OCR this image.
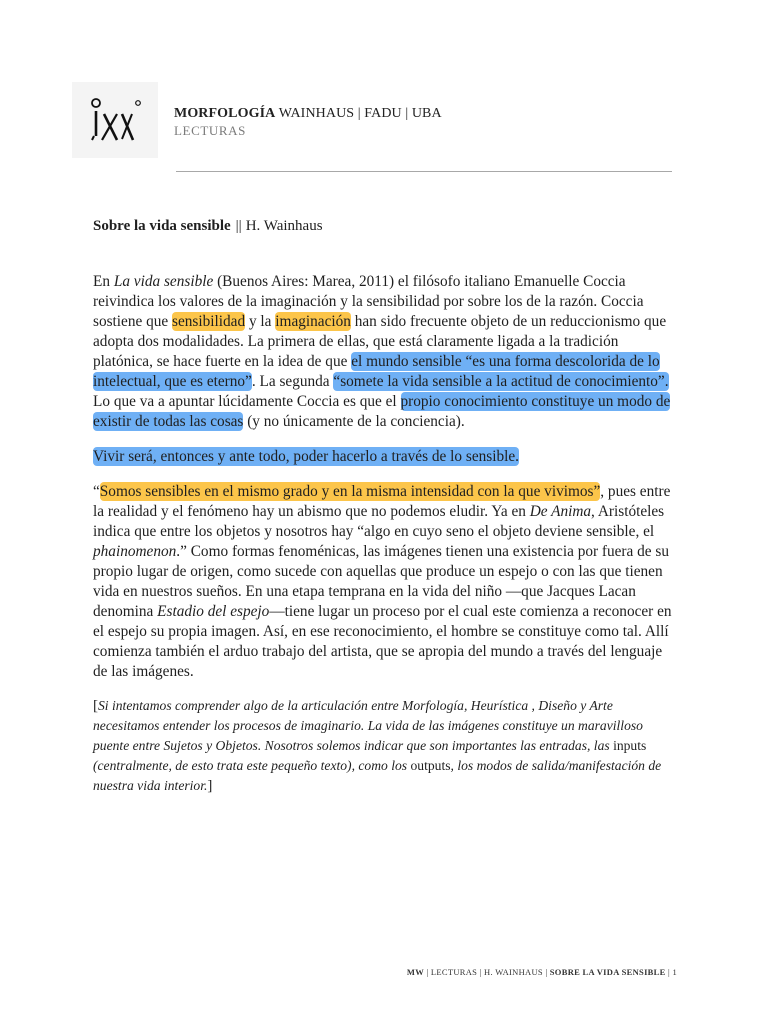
MORFOLOGÍA WAINHAUS | FADU | UBA
LECTURAS
Sobre la vida sensible || H. Wainhaus

En La vida sensible (Buenos Aires: Marea, 2011) el filósofo italiano Emanuelle Coccia reivindica los valores de la imaginación y la sensibilidad por sobre los de la razón. Coccia sostiene que sensibilidad y la imaginación han sido frecuente objeto de un reduccionismo que adopta dos modalidades. La primera de ellas, que está claramente ligada a la tradición platónica, se hace fuerte en la idea de que el mundo sensible “es una forma descolorida de lo intelectual, que es eterno”. La segunda “somete la vida sensible a la actitud de conocimiento”. Lo que va a apuntar lúcidamente Coccia es que el propio conocimiento constituye un modo de existir de todas las cosas (y no únicamente de la conciencia).

Vivir será, entonces y ante todo, poder hacerlo a través de lo sensible.

“Somos sensibles en el mismo grado y en la misma intensidad con la que vivimos”, pues entre la realidad y el fenómeno hay un abismo que no podemos eludir. Ya en De Anima, Aristóteles indica que entre los objetos y nosotros hay “algo en cuyo seno el objeto deviene sensible, el phainomenon.” Como formas fenoménicas, las imágenes tienen una existencia por fuera de su propio lugar de origen, como sucede con aquellas que produce un espejo o con las que tienen vida en nuestros sueños. En una etapa temprana en la vida del niño —que Jacques Lacan denomina Estadio del espejo—tiene lugar un proceso por el cual este comienza a reconocer en el espejo su propia imagen. Así, en ese reconocimiento, el hombre se constituye como tal. Allí comienza también el arduo trabajo del artista, que se apropia del mundo a través del lenguaje de las imágenes.

[Si intentamos comprender algo de la articulación entre Morfología, Heurística , Diseño y Arte necesitamos entender los procesos de imaginario. La vida de las imágenes constituye un maravilloso puente entre Sujetos y Objetos. Nosotros solemos indicar que son importantes las entradas, las inputs (centralmente, de esto trata este pequeño texto), como los outputs, los modos de salida/manifestación de nuestra vida interior.]

MW | LECTURAS | H. WAINHAUS | SOBRE LA VIDA SENSIBLE | 1
